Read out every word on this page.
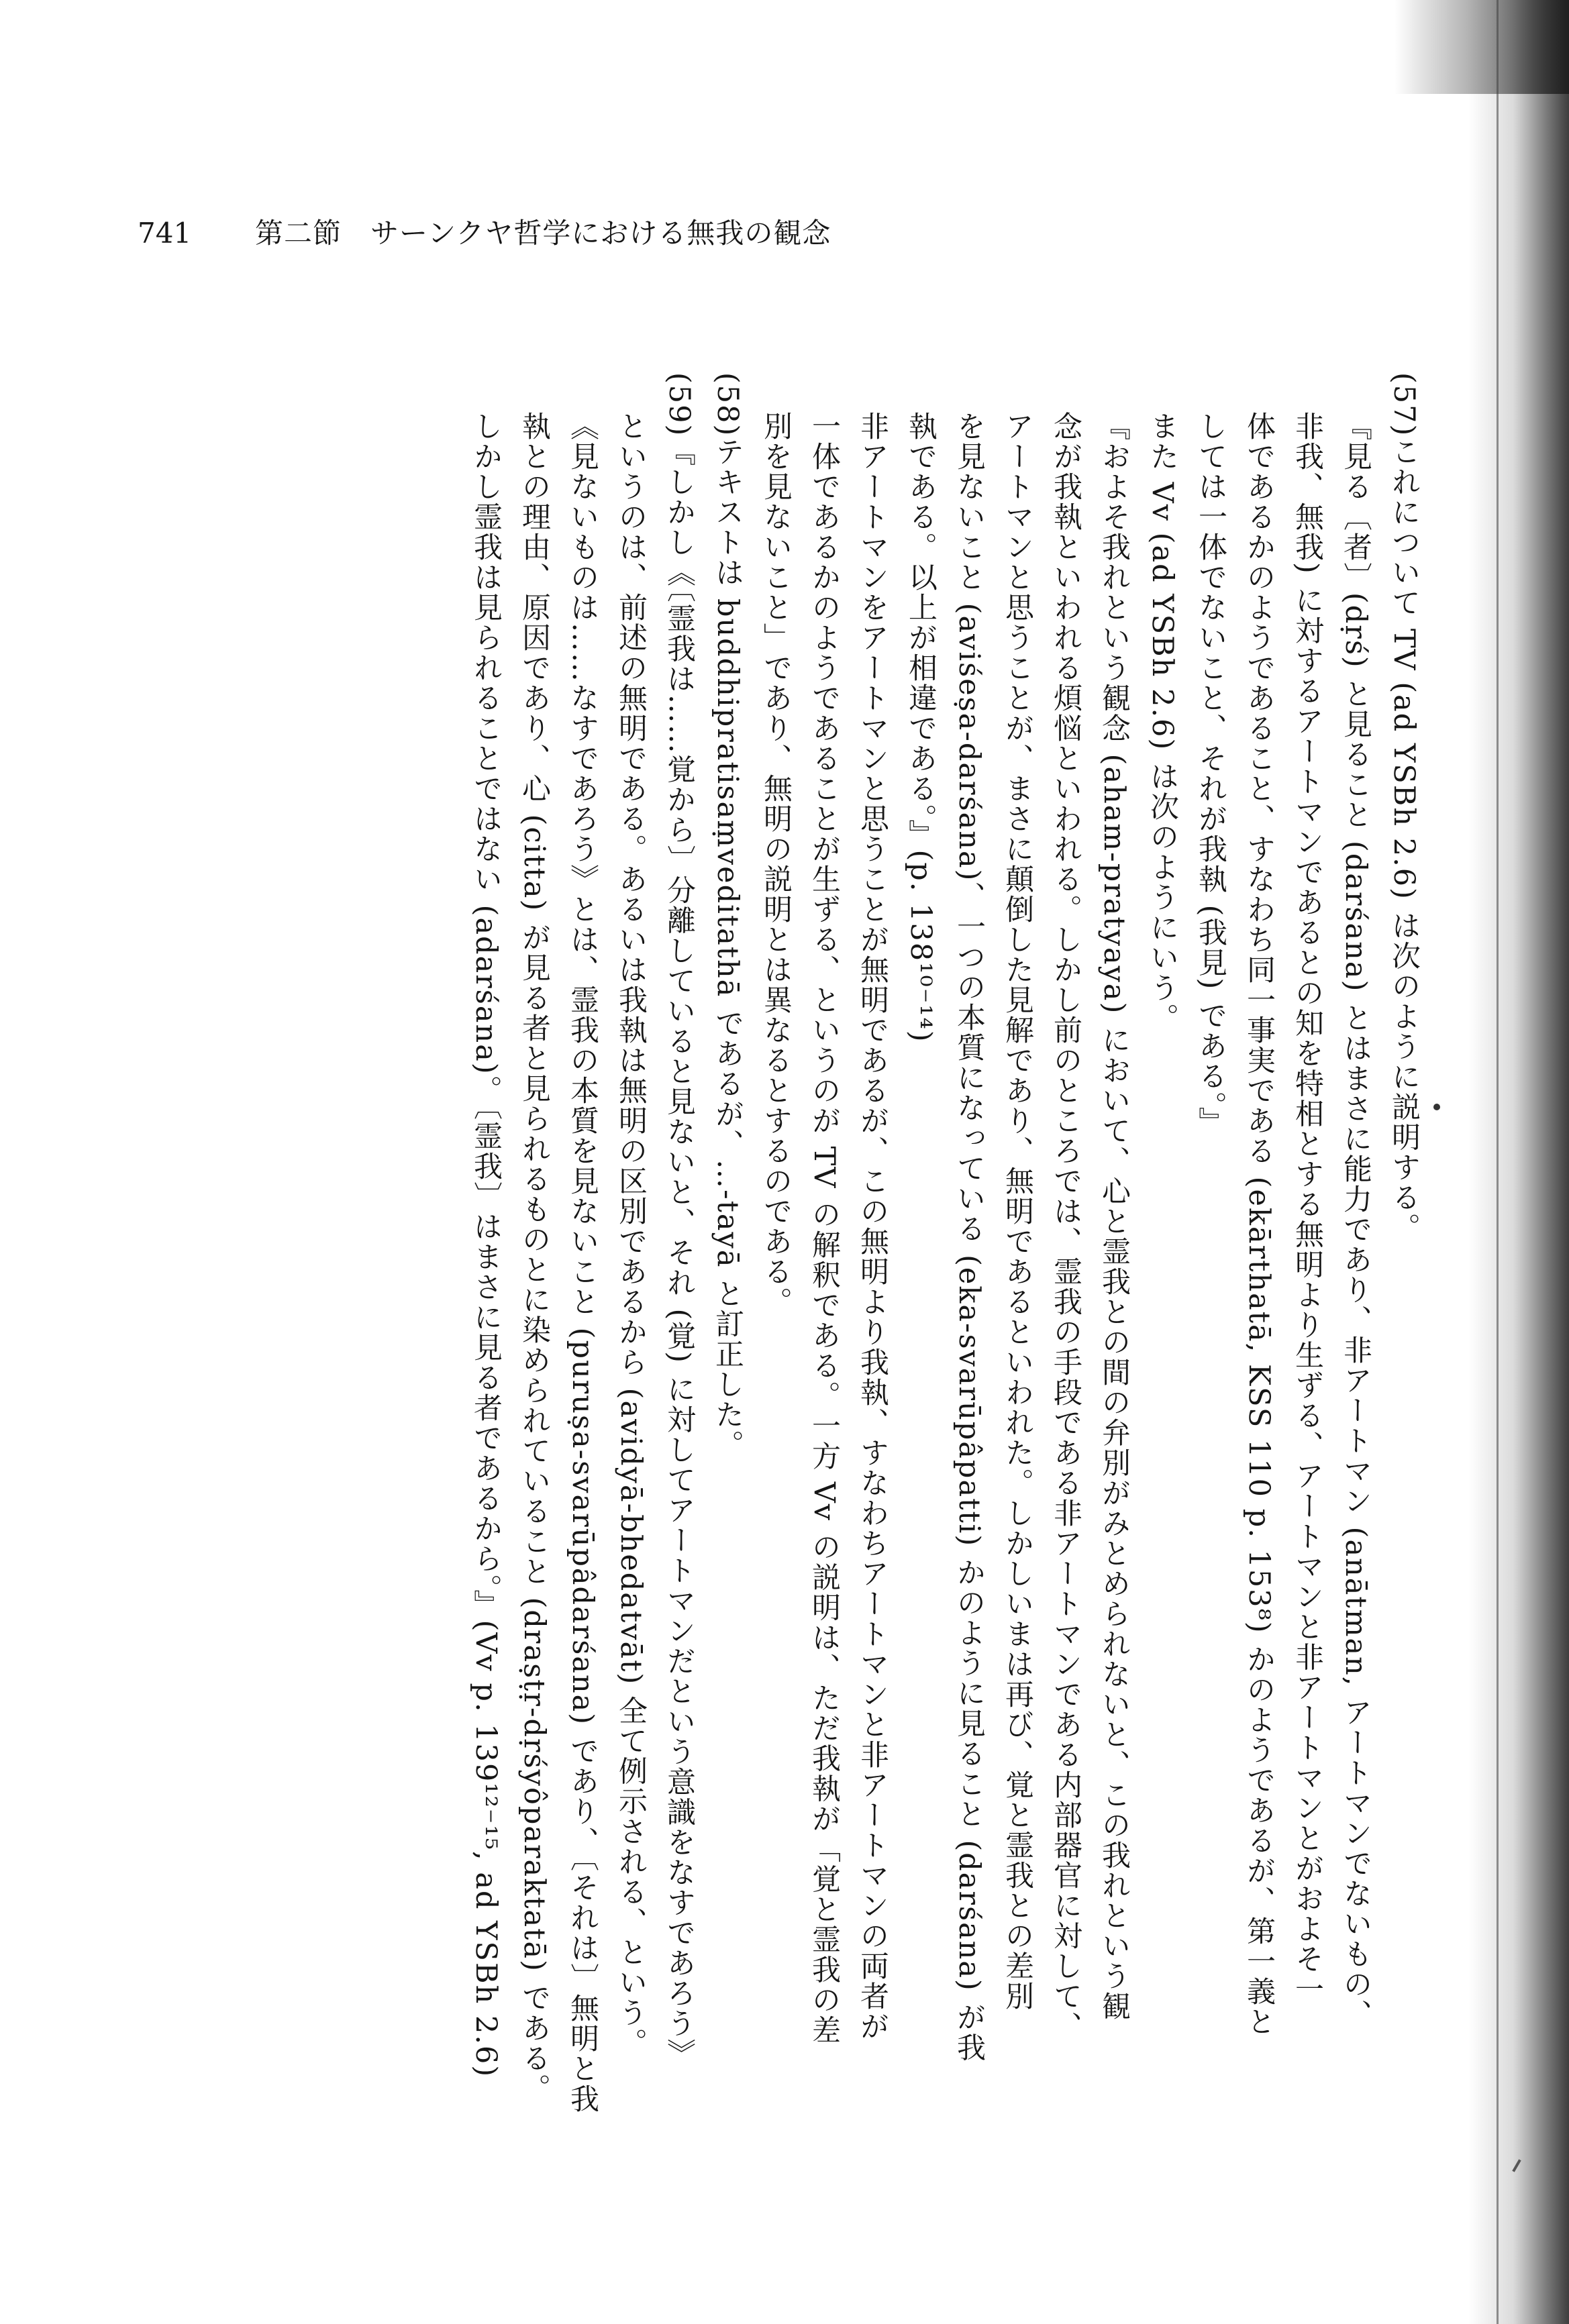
741 第二節　サーンクヤ哲学における無我の観念
(57)これについて TV (ad YSBh 2.6) は次のように説明する。
『見る〔者〕(dṛś) と見ること (darśana) とはまさに能力であり、非アートマン (anātman, アートマンでないもの、
非我、無我) に対するアートマンであるとの知を特相とする無明より生ずる、アートマンと非アートマンとがおよそ一
体であるかのようであること、すなわち同一事実である (ekārthatā, KSS 110 p. 153⁸) かのようであるが、第一義と
しては一体でないこと、それが我執 (我見) である。』
また Vv (ad YSBh 2.6) は次のようにいう。
『およそ我れという観念 (aham-pratyaya) において、心と霊我との間の弁別がみとめられないと、この我れという観
念が我執といわれる煩悩といわれる。しかし前のところでは、霊我の手段である非アートマンである内部器官に対して、
アートマンと思うことが、まさに顛倒した見解であり、無明であるといわれた。しかしいまは再び、覚と霊我との差別
を見ないこと (aviśeṣa-darśana)、一つの本質になっている (eka-svarūpâpatti) かのように見ること (darśana) が我
執である。以上が相違である。』(p. 138¹⁰⁻¹⁴)
非アートマンをアートマンと思うことが無明であるが、この無明より我執、すなわちアートマンと非アートマンの両者が
一体であるかのようであることが生ずる、というのが TV の解釈である。一方 Vv の説明は、ただ我執が「覚と霊我の差
別を見ないこと」であり、無明の説明とは異なるとするのである。
(58)テキストは buddhipratisaṃveditathā であるが、…-tayā と訂正した。
(59)『しかし《〔霊我は……覚から〕分離していると見ないと、それ (覚) に対してアートマンだという意識をなすであろう》
というのは、前述の無明である。あるいは我執は無明の区別であるから (avidyā-bhedatvāt) 全て例示される、という。
《見ないものは……なすであろう》とは、霊我の本質を見ないこと (puruṣa-svarūpâdarśana) であり、〔それは〕無明と我
執との理由、原因であり、心 (citta) が見る者と見られるものとに染められていること (draṣṭṛ-dṛśyôparaktatā) である。
しかし霊我は見られることではない (adarśana)。〔霊我〕はまさに見る者であるから。』(Vv p. 139¹²⁻¹⁵, ad YSBh 2.6)
